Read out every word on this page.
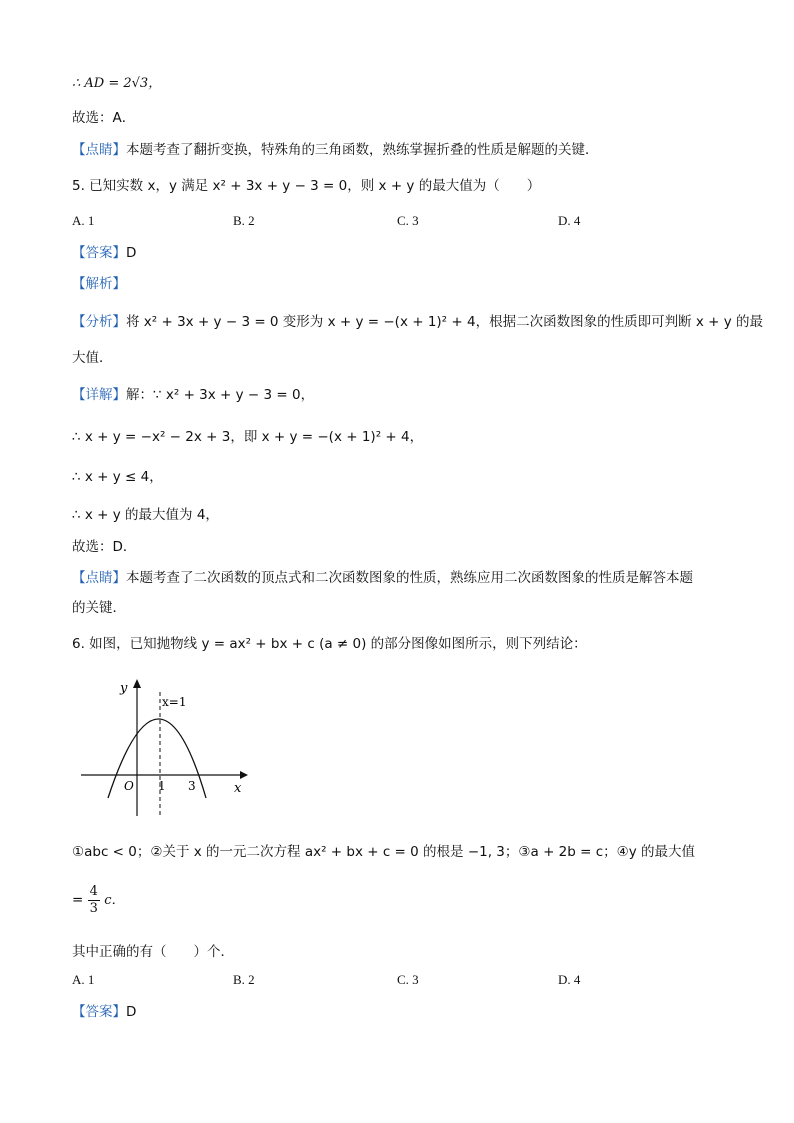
∴ AD = 2√3，
故选：A．
【点睛】本题考查了翻折变换，特殊角的三角函数，熟练掌握折叠的性质是解题的关键．
5. 已知实数 x，y 满足 x² + 3x + y − 3 = 0，则 x + y 的最大值为（　　）
A. 1	B. 2	C. 3	D. 4
【答案】D
【解析】
【分析】将 x² + 3x + y − 3 = 0 变形为 x + y = −(x + 1)² + 4，根据二次函数图象的性质即可判断 x + y 的最
大值．
【详解】解：∵ x² + 3x + y − 3 = 0，
∴ x + y = −x² − 2x + 3，即 x + y = −(x + 1)² + 4，
∴ x + y ≤ 4，
∴ x + y 的最大值为 4，
故选：D．
【点睛】本题考查了二次函数的顶点式和二次函数图象的性质，熟练应用二次函数图象的性质是解答本题
的关键．
6. 如图，已知抛物线 y = ax² + bx + c (a ≠ 0) 的部分图像如图所示，则下列结论：
y
x
O
x=1
1 3
①abc < 0；②关于 x 的一元二次方程 ax² + bx + c = 0 的根是 −1, 3；③a + 2b = c；④y 的最大值
= $\frac{4}{3}$ c．
其中正确的有（　　）个．
A. 1	B. 2	C. 3	D. 4
【答案】D
